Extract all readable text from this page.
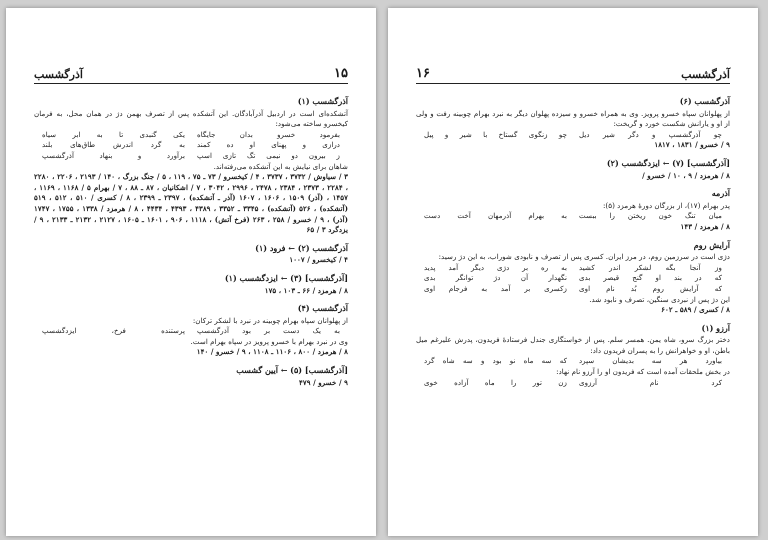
۱۵
آذرگشسب
آذرگشسب (۱)
آتشکده‌ای است در اردبیل آذرآبادگان. این آتشکده پس از تصرف بهمن دژ در همان محل، به فرمان کیخسرو ساخته می‌شود:
بفرمود خسرو بدان جایگاه
یکی گنبدی تا به ابر سیاه
درازی و پهنای او ده کمند
به گرد اندرش طاق‌های بلند
ز بیرون دو نیمی تگ تازی اسپ
برآورد و بنهاد آذرگشسپ
شاهان برای نیایش به این آتشکده می‌رفته‌اند.
۳ / سیاوش / ۳۷۳۲ ، ۳۷۳۷ ، ۴ / کیخسرو / ۷۳ ـ ۷۵ ، ۱۱۹ ، ۵ / جنگ بزرگ ، ۱۴۰ / ۲۱۹۳ ، ۲۲۰۶ ، ۲۲۸۰ ، ۲۲۸۴ ، ۲۳۷۳ ، ۲۳۸۴ ، ۲۴۷۸ ، ۲۹۹۶ ، ۳۰۴۲ ، ۷ / اشکانیان ، ۸۷ ـ ۸۸ ، ۷ / بهرام ۵ / ۱۱۶۸ ، ۱۱۶۹ ، ۱۴۵۷ ، (آذر) ۱۵۰۹ ، ۱۶۰۶ ، ۱۶۰۷ (آذر ـ آتشکده) ، ۲۳۹۷ ـ ۲۳۹۹ ، ۸ / کسری / ۵۱۰ ، ۵۱۲ ، ۵۱۹ (آتشکده) ، ۵۲۶ (آتشکده) ، ۳۳۴۵ ـ ۳۳۵۲ ، ۴۳۸۹ ، ۴۳۹۳ ، ۴۴۳۴ ، ۸ / هرمزد / ۱۳۳۸ ، ۱۷۵۵ ، ۱۷۴۷ (آذر) ، ۹ / خسرو / ۲۵۸ ، ۲۶۳ (فرخ آتش) ، ۱۱۱۸ ، ۹۰۶ ، ۱۶۰۱ ـ ۱۶۰۵ ، ۲۱۲۷ ، ۲۱۳۲ ـ ۲۱۳۳ ، ۹ / یزدگرد ۳ / ۶۵
آذرگشسب (۲) ← فرود (۱)
۴ / کیخسرو / ۱۰۰۷
[آذرگشسب] (۳) ← ایزدگشسب (۱)
۸ / هرمزد / ۶۶ ـ ۱۰۳ ، ۱۷۵
آذرگشسب (۴)
از پهلوانان سپاه بهرام چوبینه در نبرد با لشکر ترکان:
به یک دست بر بود آذرگشسپ
پرستنده فرخ، ایزدگشسپ
وی در نبرد بهرام با خسرو پرویز در سپاه بهرام است.
۸ / هرمزد / ۸۰۰ ، ۱۱۰۶ ـ ۱۱۰۸ ، ۹ / خسرو / ۱۴۰
[آذرگشسب] (۵) ← آیین گشسب
۹ / خسرو / ۴۷۹
آذرگشسب
۱۶
آذرگشسب (۶)
از پهلوانان سپاه خسرو پرویز. وی به همراه خسرو و سیزده پهلوان دیگر به نبرد بهرام چوبینه رفت و ولی از او و یارانش شکست خورد و گریخت:
چو آذرگشسپ و دگر شیر دیل
چو زنگوی گستاخ با شیر و پیل
۹ / خسرو / ۱۸۳۱ ، ۱۸۱۷
[آذرگشسب] (۷) ← ایزدگشسب (۲)
۸ / هرمزد / ۹ ، ۱۰ / خسرو /
آذرمه
پدر بهرام (۱۷)، از بزرگان دورهٔ هرمزد (۵):
میان تنگ خون ریختن را ببست
به بهرام آذرمهان آخت دست
۸ / هرمزد / ۱۴۳
آرایش روم
دژی است در سرزمین روم، در مرز ایران. کسری پس از تصرف و نابودی شوراب، به این دژ رسید:
وز آنجا بگه لشکر اندر کشید
به ره بر دژی دیگر آمد پدید
که در بند او گنج قیصر بدی
نگهدار آن دژ توانگر بدی
که آرایش روم بُد نام اوی
زکسری بر آمد به فرجام اوی
این دژ پس از نبردی سنگین، تصرف و نابود شد.
۸ / کسری / ۵۸۹ ـ ۶۰۲
آرزو (۱)
دختر بزرگ سرو، شاه یمن. همسر سلم. پس از خواستگاری جندل فرستادهٔ فریدون، پدرش علیرغم میل باطن، او و خواهرانش را به پسران فریدون داد:
بیاورد هر سه بدیشان سپرد
که سه ماه نو بود و سه شاه گرد
در بخش ملحقات آمده است که فریدون او را آرزو نام نهاد:
کرد نام آرزوی
زن تور را ماه آزاده خوی
